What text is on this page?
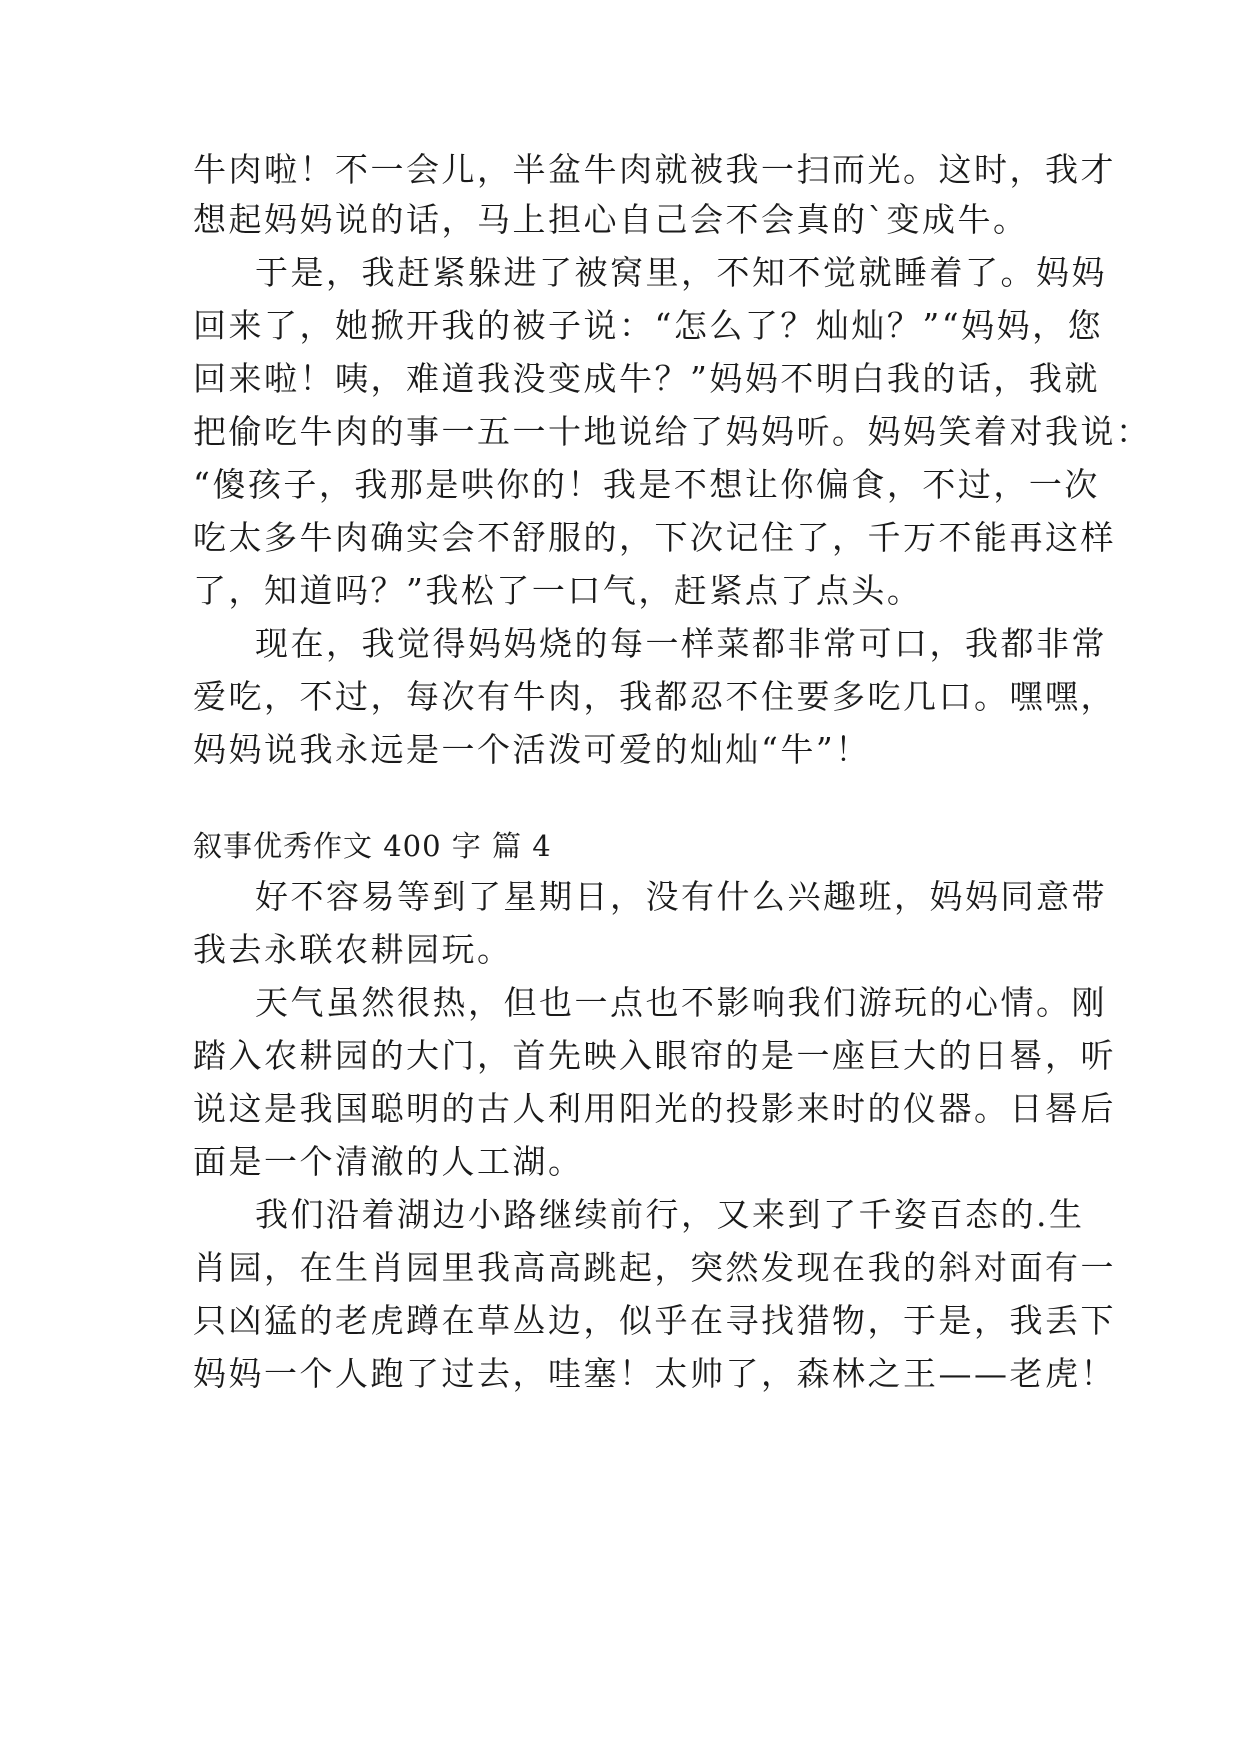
牛肉啦！不一会儿，半盆牛肉就被我一扫而光。这时，我才
想起妈妈说的话，马上担心自己会不会真的`变成牛。
于是，我赶紧躲进了被窝里，不知不觉就睡着了。妈妈
回来了，她掀开我的被子说：“怎么了？灿灿？”“妈妈，您
回来啦！咦，难道我没变成牛？”妈妈不明白我的话，我就
把偷吃牛肉的事一五一十地说给了妈妈听。妈妈笑着对我说：
“傻孩子，我那是哄你的！我是不想让你偏食，不过，一次
吃太多牛肉确实会不舒服的，下次记住了，千万不能再这样
了，知道吗？”我松了一口气，赶紧点了点头。
现在，我觉得妈妈烧的每一样菜都非常可口，我都非常
爱吃，不过，每次有牛肉，我都忍不住要多吃几口。嘿嘿，
妈妈说我永远是一个活泼可爱的灿灿“牛”！
叙事优秀作文 400 字 篇 4
好不容易等到了星期日，没有什么兴趣班，妈妈同意带
我去永联农耕园玩。
天气虽然很热，但也一点也不影响我们游玩的心情。刚
踏入农耕园的大门，首先映入眼帘的是一座巨大的日晷，听
说这是我国聪明的古人利用阳光的投影来时的仪器。日晷后
面是一个清澈的人工湖。
我们沿着湖边小路继续前行，又来到了千姿百态的.生
肖园，在生肖园里我高高跳起，突然发现在我的斜对面有一
只凶猛的老虎蹲在草丛边，似乎在寻找猎物，于是，我丢下
妈妈一个人跑了过去，哇塞！太帅了，森林之王——老虎！
